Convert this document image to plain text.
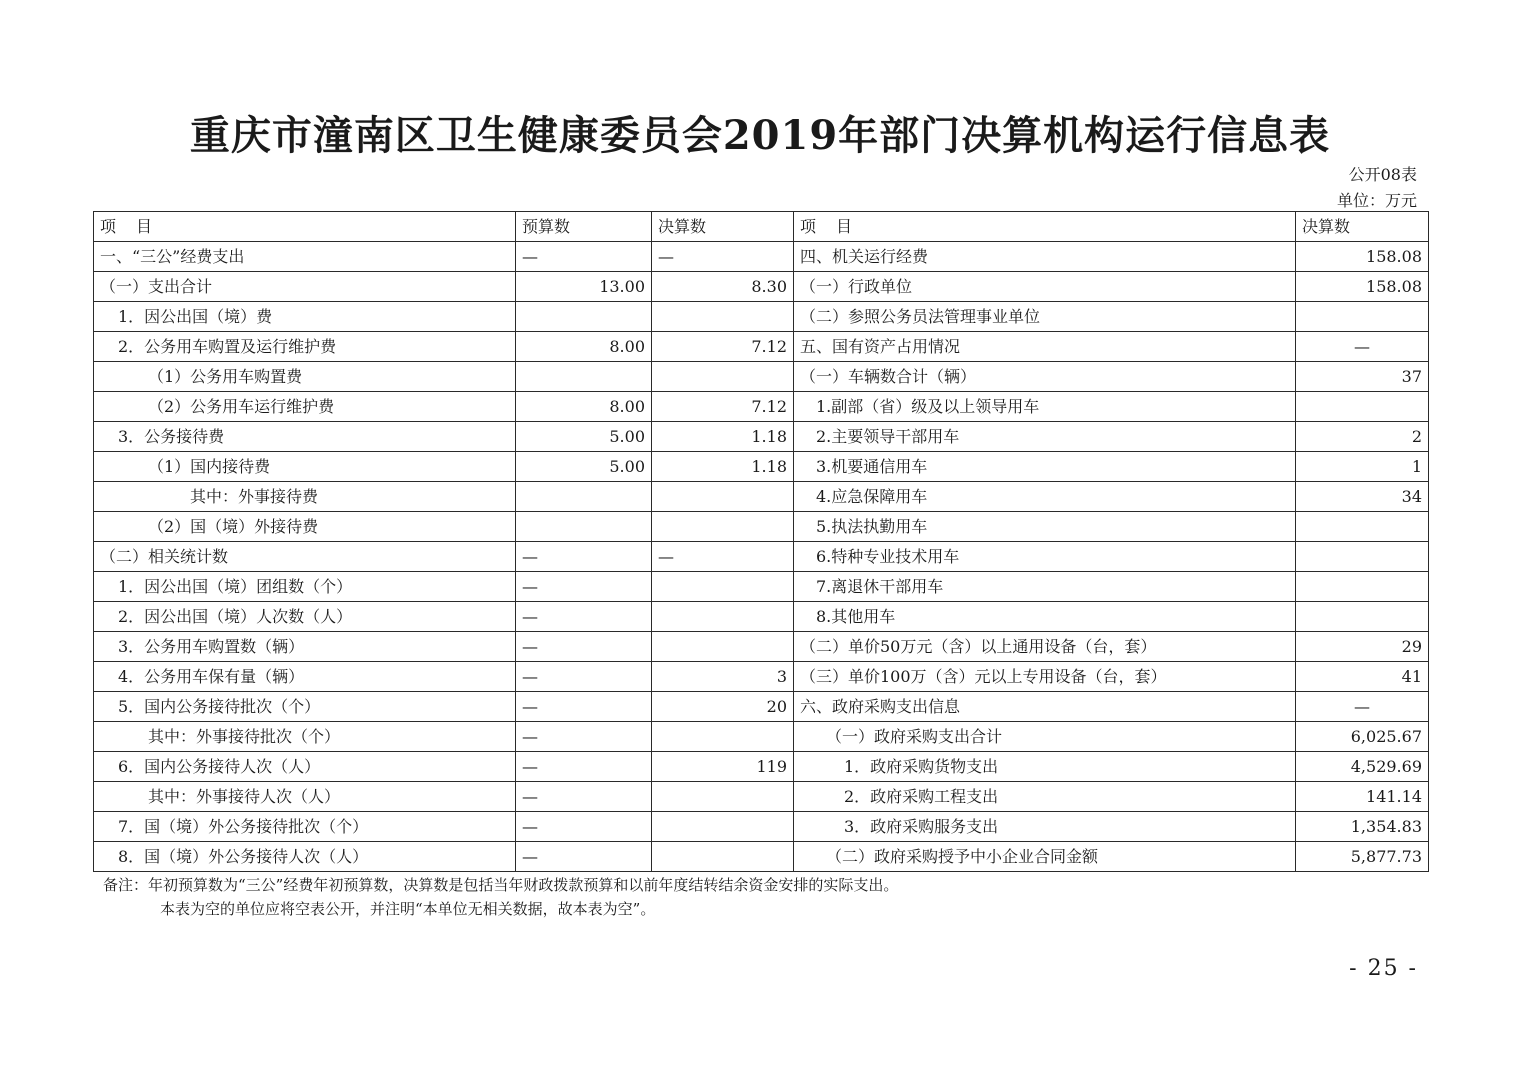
重庆市潼南区卫生健康委员会2019年部门决算机构运行信息表
公开08表
单位：万元
项　目	预算数	决算数	项　目	决算数
一、“三公”经费支出	—	—	四、机关运行经费	158.08
（一）支出合计	13.00	8.30	（一）行政单位	158.08
1．因公出国（境）费			（二）参照公务员法管理事业单位	
2．公务用车购置及运行维护费	8.00	7.12	五、国有资产占用情况	—
（1）公务用车购置费			（一）车辆数合计（辆）	37
（2）公务用车运行维护费	8.00	7.12	1.副部（省）级及以上领导用车	
3．公务接待费	5.00	1.18	2.主要领导干部用车	2
（1）国内接待费	5.00	1.18	3.机要通信用车	1
其中：外事接待费			4.应急保障用车	34
（2）国（境）外接待费			5.执法执勤用车	
（二）相关统计数	—	—	6.特种专业技术用车	
1．因公出国（境）团组数（个）	—		7.离退休干部用车	
2．因公出国（境）人次数（人）	—		8.其他用车	
3．公务用车购置数（辆）	—		（二）单价50万元（含）以上通用设备（台，套）	29
4．公务用车保有量（辆）	—	3	（三）单价100万（含）元以上专用设备（台，套）	41
5．国内公务接待批次（个）	—	20	六、政府采购支出信息	—
其中：外事接待批次（个）	—		（一）政府采购支出合计	6,025.67
6．国内公务接待人次（人）	—	119	1．政府采购货物支出	4,529.69
其中：外事接待人次（人）	—		2．政府采购工程支出	141.14
7．国（境）外公务接待批次（个）	—		3．政府采购服务支出	1,354.83
8．国（境）外公务接待人次（人）	—		（二）政府采购授予中小企业合同金额	5,877.73
备注：年初预算数为“三公”经费年初预算数，决算数是包括当年财政拨款预算和以前年度结转结余资金安排的实际支出。
本表为空的单位应将空表公开，并注明“本单位无相关数据，故本表为空”。
- 25 -
